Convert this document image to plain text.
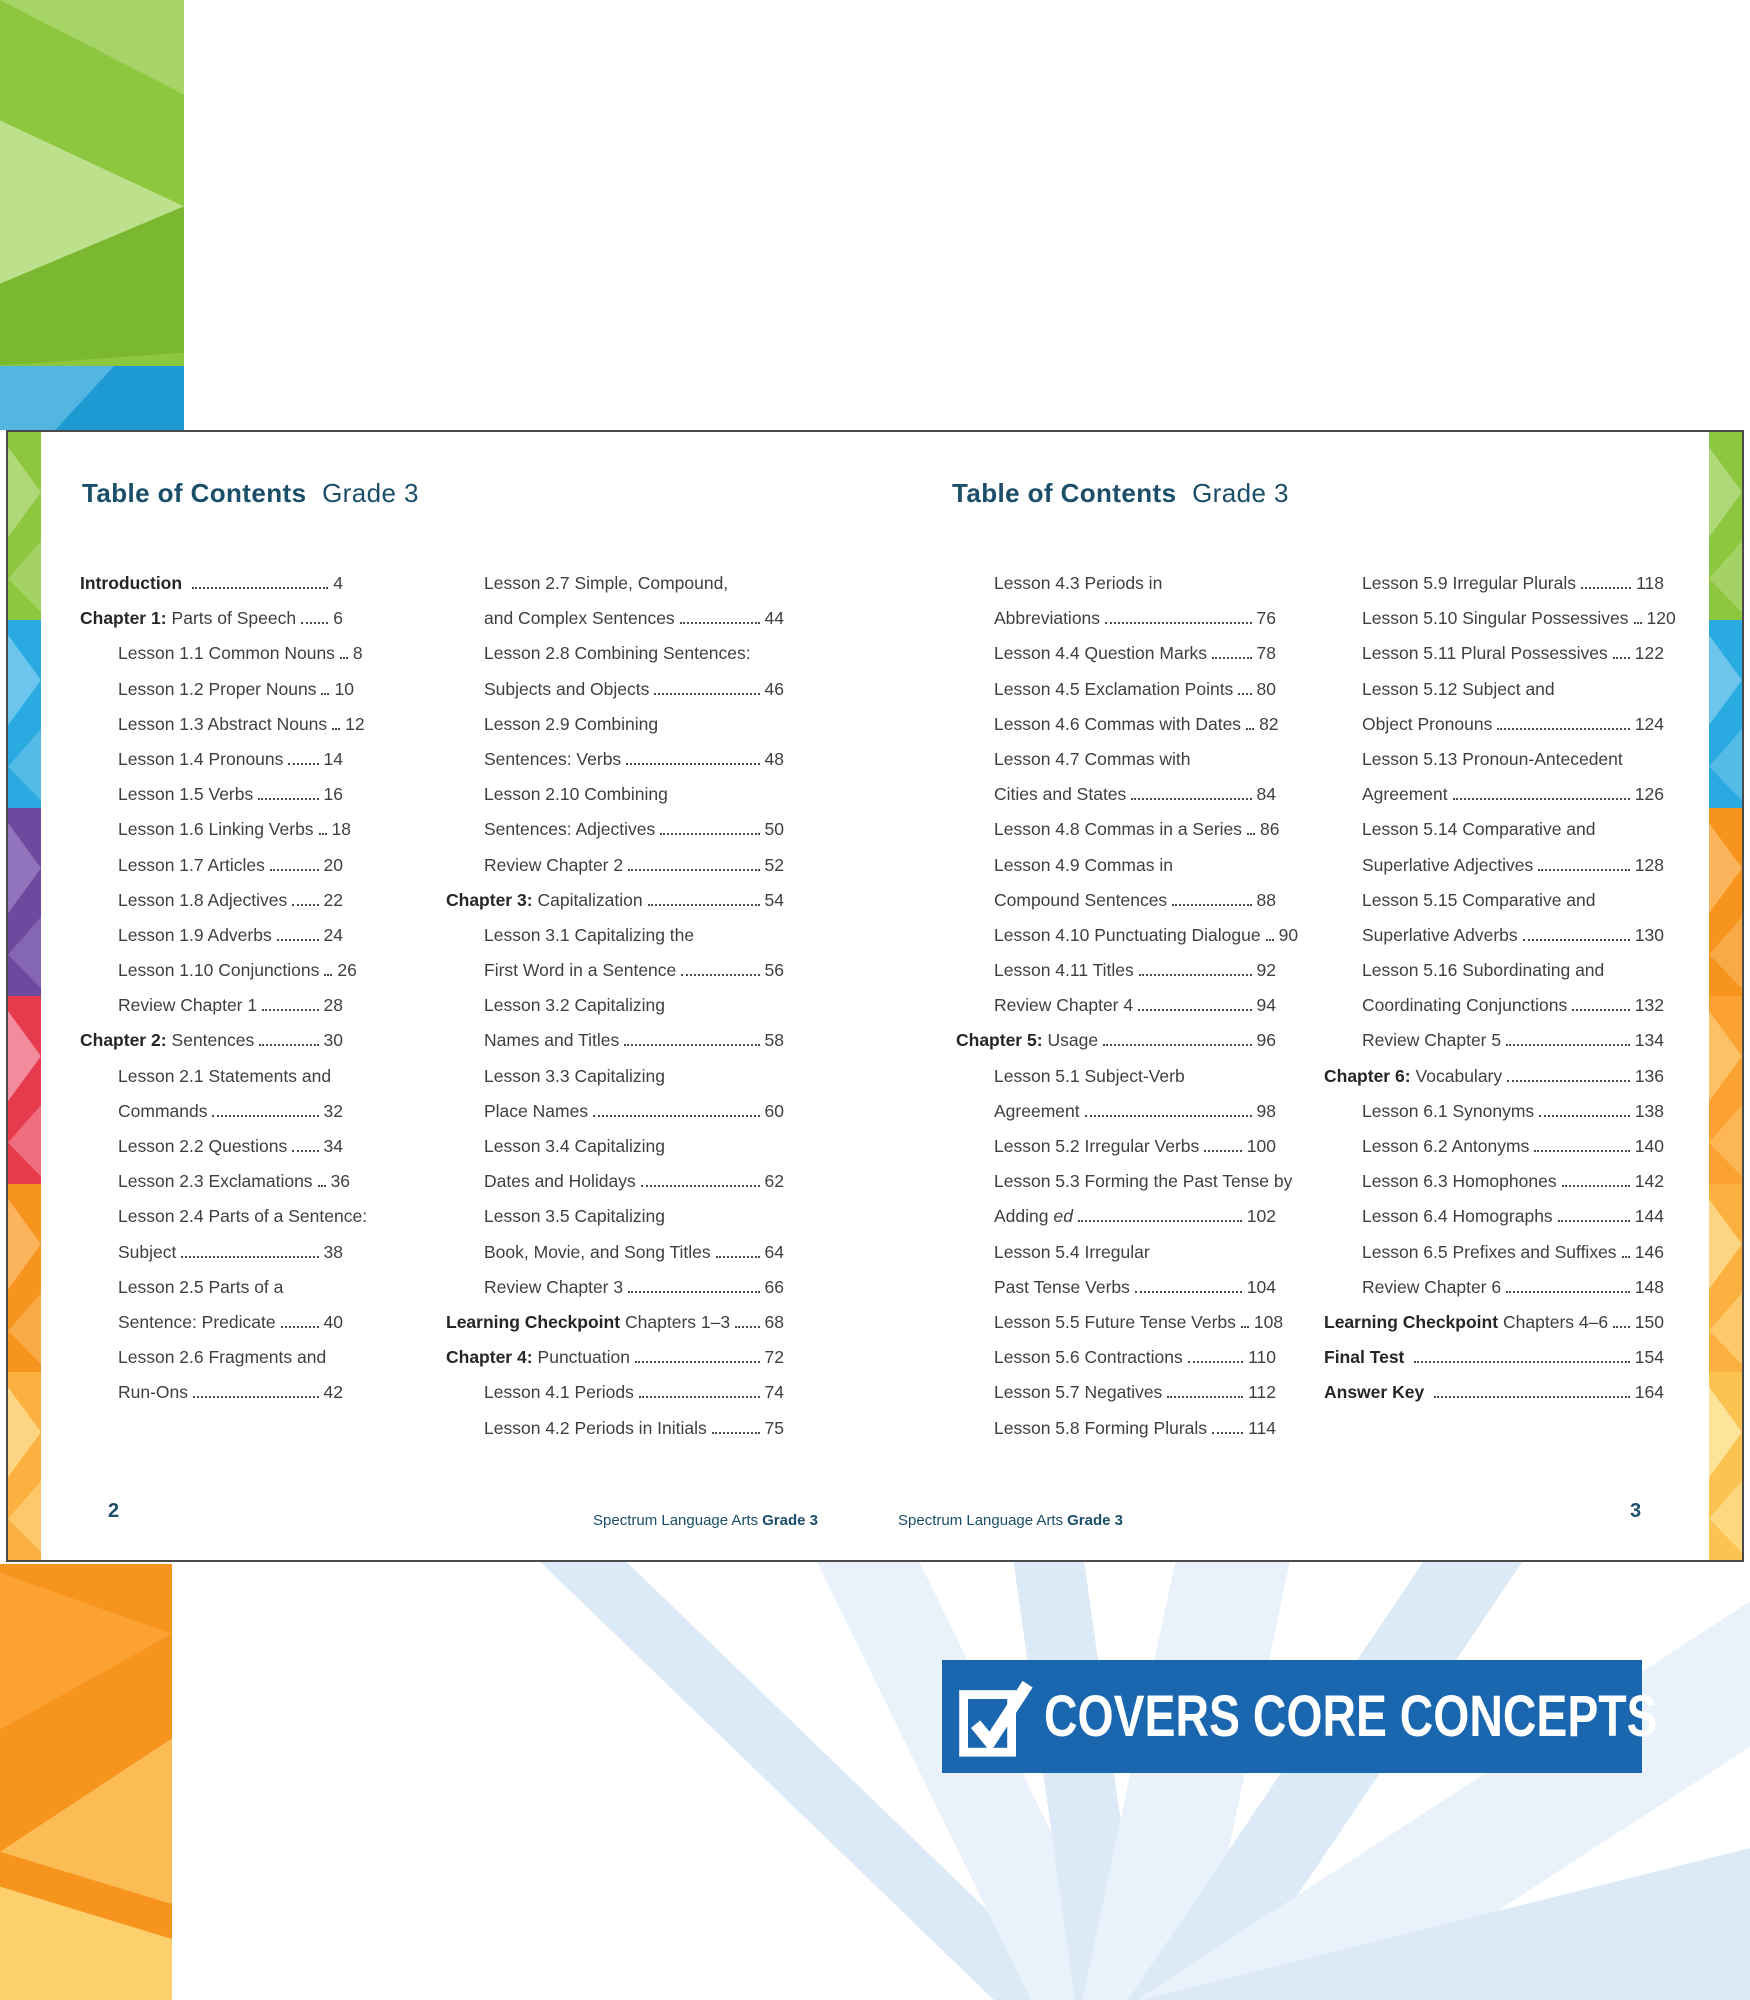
COVERS CORE CONCEPTS
Table of Contents Grade 3	Table of Contents Grade 3
Introduction	4
Chapter 1: Parts of Speech 6
Lesson 1.1 Common Nouns 8
Lesson 1.2 Proper Nouns 10
Lesson 1.3 Abstract Nouns 12
Lesson 1.4 Pronouns 14
Lesson 1.5 Verbs	16
Lesson 1.6 Linking Verbs 18
Lesson 1.7 Articles	20
Lesson 1.8 Adjectives 22
Lesson 1.9 Adverbs	24
Lesson 1.10 Conjunctions 26
Review Chapter 1	28
Chapter 2: Sentences	30
Lesson 2.1 Statements and
Commands	32
Lesson 2.2 Questions 34
Lesson 2.3 Exclamations 36
Lesson 2.4 Parts of a Sentence:
Subject	38
Lesson 2.5 Parts of a
Sentence: Predicate	40
Lesson 2.6 Fragments and
Run-Ons	42
Lesson 2.7 Simple, Compound,
and Complex Sentences	44
Lesson 2.8 Combining Sentences:
Subjects and Objects	46
Lesson 2.9 Combining
Sentences: Verbs	48
Lesson 2.10 Combining
Sentences: Adjectives	50
Review Chapter 2	52
Chapter 3: Capitalization	54
Lesson 3.1 Capitalizing the
First Word in a Sentence	56
Lesson 3.2 Capitalizing
Names and Titles	58
Lesson 3.3 Capitalizing
Place Names	60
Lesson 3.4 Capitalizing
Dates and Holidays	62
Lesson 3.5 Capitalizing
Book, Movie, and Song Titles	64
Review Chapter 3	66
Learning Checkpoint Chapters 1–3 68
Chapter 4: Punctuation	72
Lesson 4.1 Periods	74
Lesson 4.2 Periods in Initials	75
Lesson 4.3 Periods in
Abbreviations	76
Lesson 4.4 Question Marks	78
Lesson 4.5 Exclamation Points 80
Lesson 4.6 Commas with Dates 82
Lesson 4.7 Commas with
Cities and States	84
Lesson 4.8 Commas in a Series 86
Lesson 4.9 Commas in
Compound Sentences	88
Lesson 4.10 Punctuating Dialogue 90
Lesson 4.11 Titles	92
Review Chapter 4	94
Chapter 5: Usage	96
Lesson 5.1 Subject-Verb
Agreement	98
Lesson 5.2 Irregular Verbs	100
Lesson 5.3 Forming the Past Tense by
Adding ed	102
Lesson 5.4 Irregular
Past Tense Verbs	104
Lesson 5.5 Future Tense Verbs 108
Lesson 5.6 Contractions	110
Lesson 5.7 Negatives	112
Lesson 5.8 Forming Plurals 114
Lesson 5.9 Irregular Plurals	118
Lesson 5.10 Singular Possessives 120
Lesson 5.11 Plural Possessives 122
Lesson 5.12 Subject and
Object Pronouns	124
Lesson 5.13 Pronoun-Antecedent
Agreement	126
Lesson 5.14 Comparative and
Superlative Adjectives	128
Lesson 5.15 Comparative and
Superlative Adverbs	130
Lesson 5.16 Subordinating and
Coordinating Conjunctions	132
Review Chapter 5	134
Chapter 6: Vocabulary	136
Lesson 6.1 Synonyms	138
Lesson 6.2 Antonyms	140
Lesson 6.3 Homophones	142
Lesson 6.4 Homographs	144
Lesson 6.5 Prefixes and Suffixes 146
Review Chapter 6	148
Learning Checkpoint Chapters 4–6 150
Final Test	154
Answer Key	164
2	Spectrum Language Arts Grade 3	Spectrum Language Arts Grade 3	3
